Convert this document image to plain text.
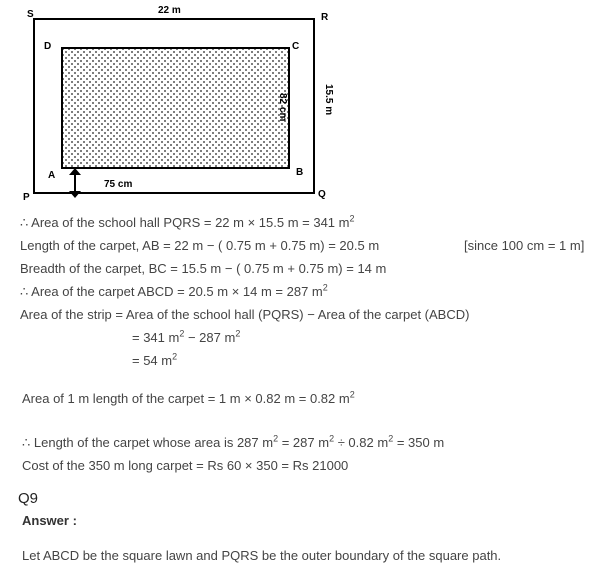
S	R
D	C
A	B
P	Q
22 m
15.5 m
82 cm
75 cm
∴ Area of the school hall PQRS = 22 m × 15.5 m = 341 $m^2$
Length of the carpet, AB = 22 m − ( 0.75 m + 0.75 m) = 20.5 m	[since 100 cm = 1 m]
Breadth of the carpet, BC = 15.5 m − ( 0.75 m + 0.75 m) = 14 m
∴ Area of the carpet ABCD = 20.5 m × 14 m = 287 $m^2$
Area of the strip = Area of the school hall (PQRS) − Area of the carpet (ABCD)
= 341 $m^2 - 287$ $m^2$
= 54 $m^2$
Area of 1 m length of the carpet = 1 m × 0.82 m = 0.82 $m^2$
∴ Length of the carpet whose area is 287 $m^2 = 287$ $m^2 \div 0.82$ $m^2 = 350$ m
Cost of the 350 m long carpet = Rs 60 × 350 = Rs 21000
Q9
Answer :
Let ABCD be the square lawn and PQRS be the outer boundary of the square path.
